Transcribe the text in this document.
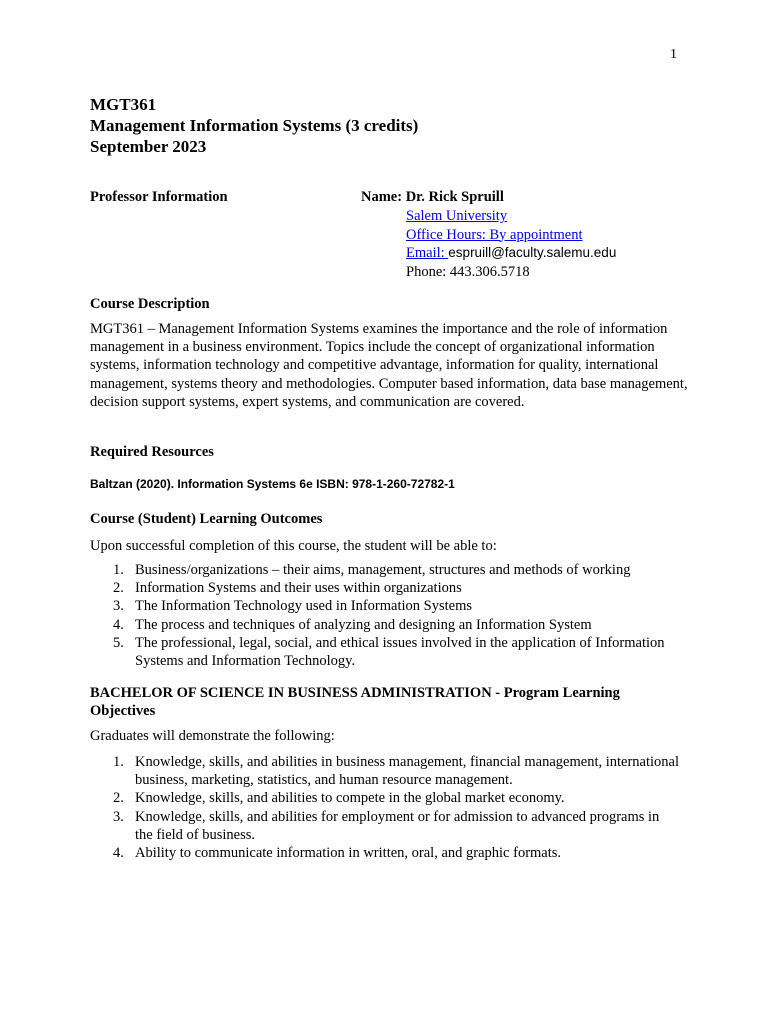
1
MGT361
Management Information Systems (3 credits)
September 2023
Professor Information	Name: Dr. Rick Spruill
Salem University
Office Hours: By appointment
Email: espruill@faculty.salemu.edu
Phone: 443.306.5718
Course Description
MGT361 – Management Information Systems examines the importance and the role of information management in a business environment. Topics include the concept of organizational information systems, information technology and competitive advantage, information for quality, international management, systems theory and methodologies. Computer based information, data base management, decision support systems, expert systems, and communication are covered.
Required Resources
Baltzan (2020). Information Systems 6e ISBN: 978-1-260-72782-1
Course (Student) Learning Outcomes
Upon successful completion of this course, the student will be able to:
1. Business/organizations – their aims, management, structures and methods of working
2. Information Systems and their uses within organizations
3. The Information Technology used in Information Systems
4. The process and techniques of analyzing and designing an Information System
5. The professional, legal, social, and ethical issues involved in the application of Information Systems and Information Technology.
BACHELOR OF SCIENCE IN BUSINESS ADMINISTRATION - Program Learning Objectives
Graduates will demonstrate the following:
1. Knowledge, skills, and abilities in business management, financial management, international business, marketing, statistics, and human resource management.
2. Knowledge, skills, and abilities to compete in the global market economy.
3. Knowledge, skills, and abilities for employment or for admission to advanced programs in the field of business.
4. Ability to communicate information in written, oral, and graphic formats.
